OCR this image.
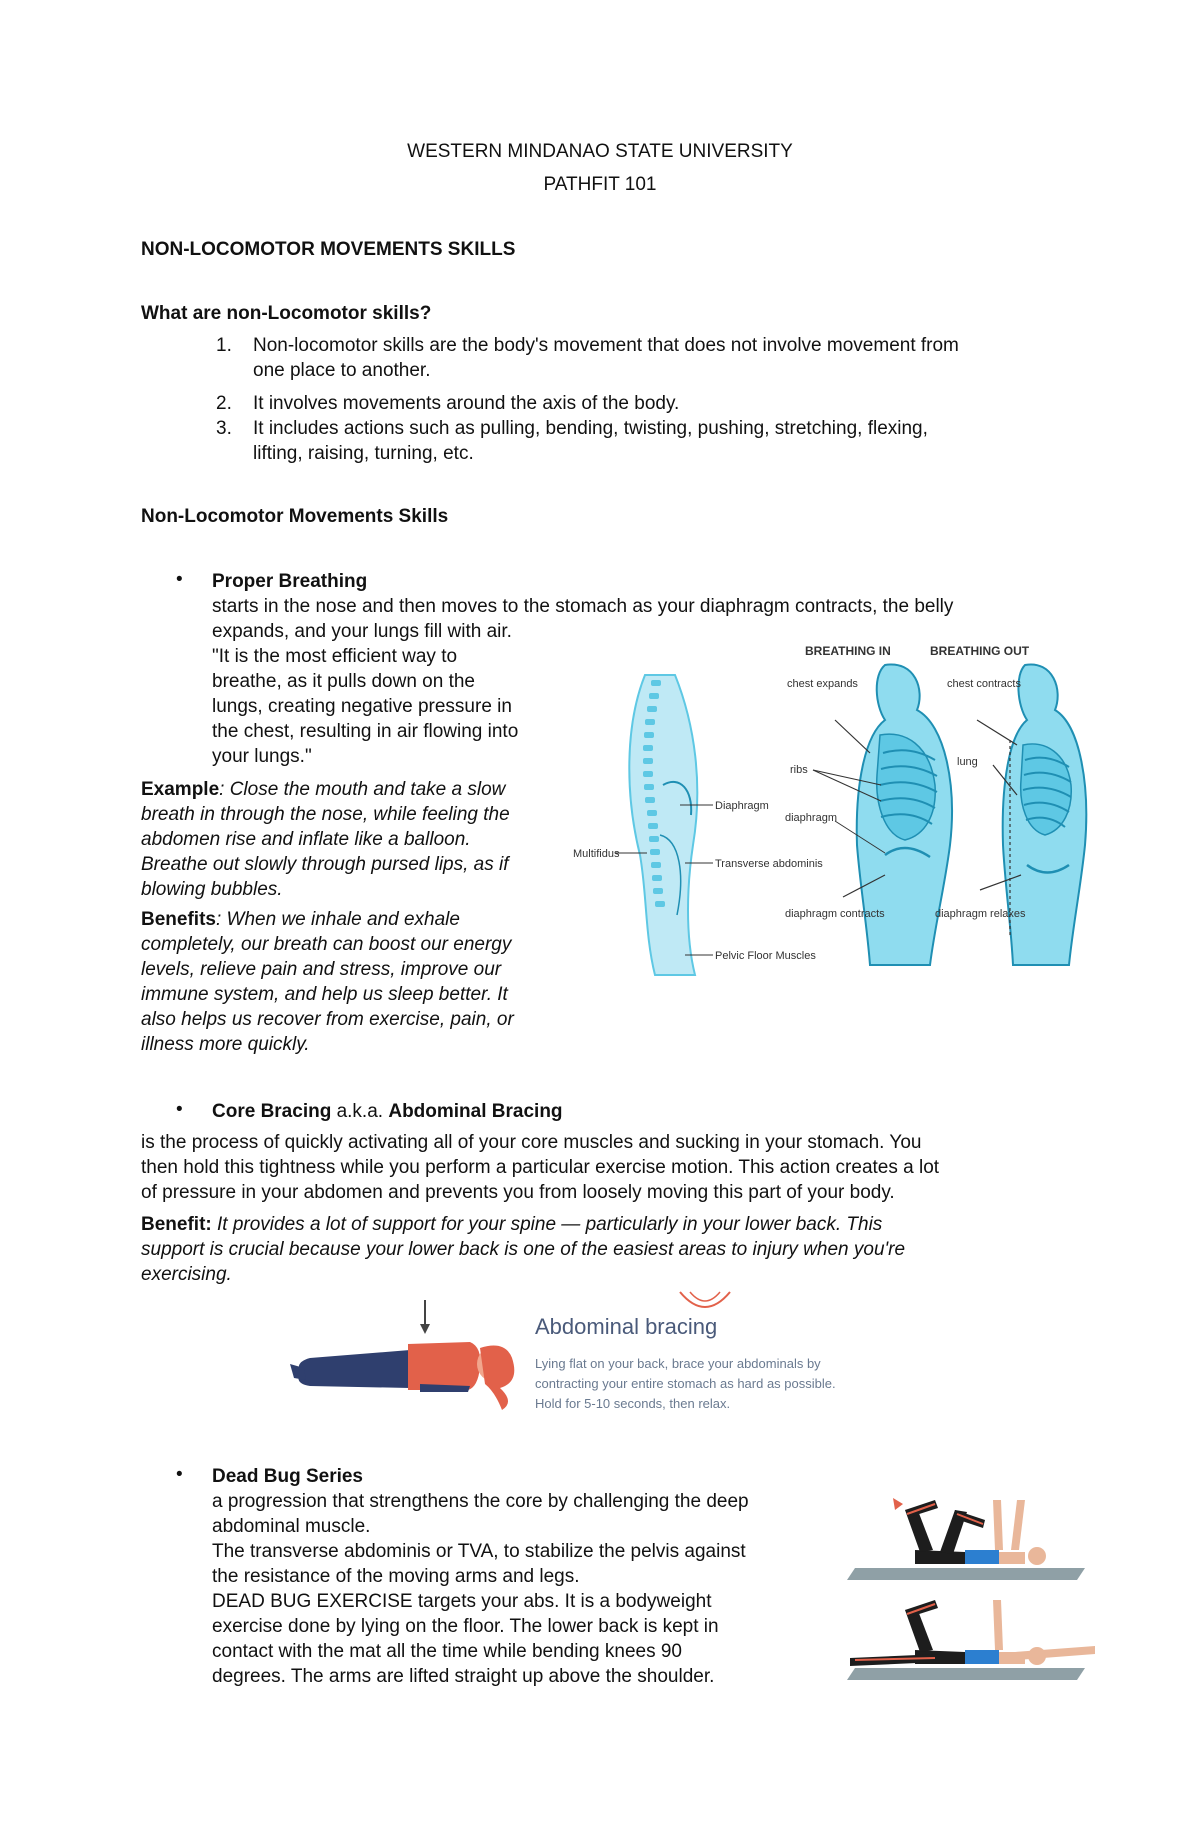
WESTERN MINDANAO STATE UNIVERSITY
PATHFIT 101
NON-LOCOMOTOR MOVEMENTS SKILLS
What are non-Locomotor skills?
1. Non-locomotor skills are the body's movement that does not involve movement from
one place to another.
2. It involves movements around the axis of the body.
3. It includes actions such as pulling, bending, twisting, pushing, stretching, flexing,
lifting, raising, turning, etc.
Non-Locomotor Movements Skills
• Proper Breathing
starts in the nose and then moves to the stomach as your diaphragm contracts, the belly
expands, and your lungs fill with air.
"It is the most efficient way to
breathe, as it pulls down on the
lungs, creating negative pressure in
the chest, resulting in air flowing into
your lungs."
Example: Close the mouth and take a slow
breath in through the nose, while feeling the
abdomen rise and inflate like a balloon.
Breathe out slowly through pursed lips, as if
blowing bubbles.
Benefits: When we inhale and exhale
completely, our breath can boost our energy
levels, relieve pain and stress, improve our
immune system, and help us sleep better. It
also helps us recover from exercise, pain, or
illness more quickly.
Diaphragm
Transverse abdominis
Pelvic Floor Muscles
Multifidus
BREATHING IN
chest expands
ribs
diaphragm
diaphragm contracts
BREATHING OUT
chest contracts
lung
diaphragm relaxes
• Core Bracing a.k.a. Abdominal Bracing
is the process of quickly activating all of your core muscles and sucking in your stomach. You
then hold this tightness while you perform a particular exercise motion. This action creates a lot
of pressure in your abdomen and prevents you from loosely moving this part of your body.
Benefit: It provides a lot of support for your spine — particularly in your lower back. This
support is crucial because your lower back is one of the easiest areas to injury when you're
exercising.
Abdominal bracing
Lying flat on your back, brace your abdominals by
contracting your entire stomach as hard as possible.
Hold for 5-10 seconds, then relax.
• Dead Bug Series
a progression that strengthens the core by challenging the deep
abdominal muscle.
The transverse abdominis or TVA, to stabilize the pelvis against
the resistance of the moving arms and legs.
DEAD BUG EXERCISE targets your abs. It is a bodyweight
exercise done by lying on the floor. The lower back is kept in
contact with the mat all the time while bending knees 90
degrees. The arms are lifted straight up above the shoulder.
